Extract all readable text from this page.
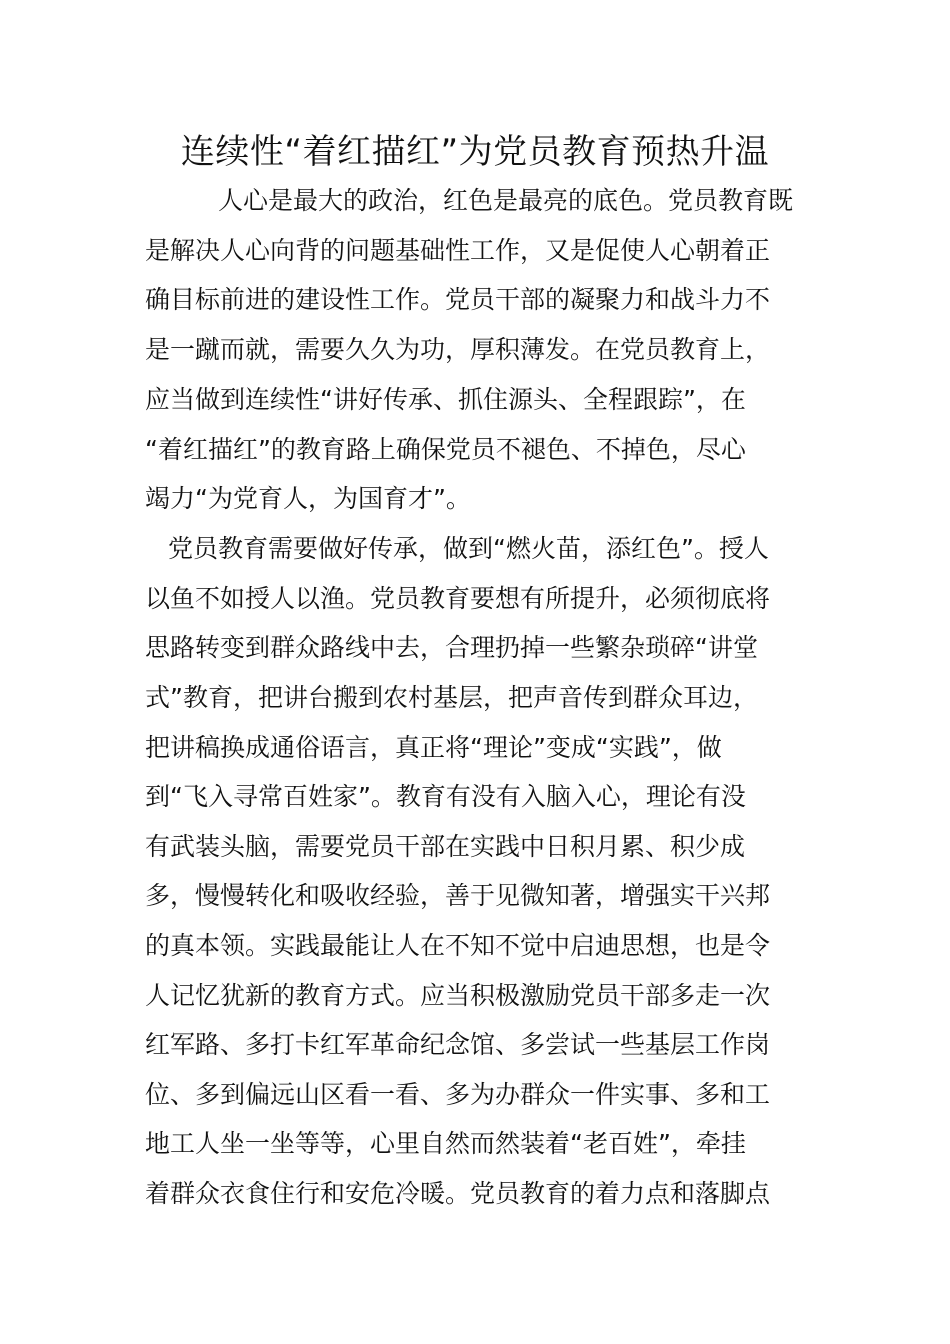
连续性“着红描红”为党员教育预热升温

人心是最大的政治，红色是最亮的底色。党员教育既

是解决人心向背的问题基础性工作，又是促使人心朝着正

确目标前进的建设性工作。党员干部的凝聚力和战斗力不

是一蹴而就，需要久久为功，厚积薄发。在党员教育上，

应当做到连续性“讲好传承、抓住源头、全程跟踪”，在

“着红描红”的教育路上确保党员不褪色、不掉色，尽心

竭力“为党育人，为国育才”。

党员教育需要做好传承，做到“燃火苗，添红色”。授人

以鱼不如授人以渔。党员教育要想有所提升，必须彻底将

思路转变到群众路线中去，合理扔掉一些繁杂琐碎“讲堂

式”教育，把讲台搬到农村基层，把声音传到群众耳边，

把讲稿换成通俗语言，真正将“理论”变成“实践”，做

到“飞入寻常百姓家”。教育有没有入脑入心，理论有没

有武装头脑，需要党员干部在实践中日积月累、积少成

多，慢慢转化和吸收经验，善于见微知著，增强实干兴邦

的真本领。实践最能让人在不知不觉中启迪思想，也是令

人记忆犹新的教育方式。应当积极激励党员干部多走一次

红军路、多打卡红军革命纪念馆、多尝试一些基层工作岗

位、多到偏远山区看一看、多为办群众一件实事、多和工

地工人坐一坐等等，心里自然而然装着“老百姓”，牵挂

着群众衣食住行和安危冷暖。党员教育的着力点和落脚点
